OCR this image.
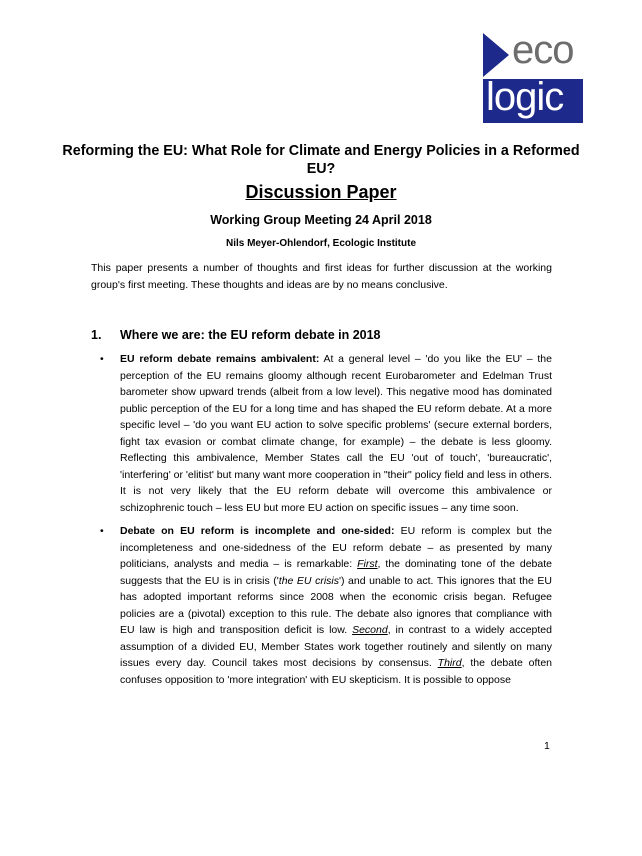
eco
logic
Reforming the EU: What Role for Climate and Energy Policies in a Reformed EU?
Discussion Paper
Working Group Meeting 24 April 2018
Nils Meyer-Ohlendorf, Ecologic Institute
This paper presents a number of thoughts and first ideas for further discussion at the working group's first meeting. These thoughts and ideas are by no means conclusive.
1. Where we are: the EU reform debate in 2018
• EU reform debate remains ambivalent: At a general level – 'do you like the EU' – the perception of the EU remains gloomy although recent Eurobarometer and Edelman Trust barometer show upward trends (albeit from a low level). This negative mood has dominated public perception of the EU for a long time and has shaped the EU reform debate. At a more specific level – 'do you want EU action to solve specific problems' (secure external borders, fight tax evasion or combat climate change, for example) – the debate is less gloomy. Reflecting this ambivalence, Member States call the EU 'out of touch', 'bureaucratic', 'interfering' or 'elitist' but many want more cooperation in "their" policy field and less in others. It is not very likely that the EU reform debate will overcome this ambivalence or schizophrenic touch – less EU but more EU action on specific issues – any time soon.
• Debate on EU reform is incomplete and one-sided: EU reform is complex but the incompleteness and one-sidedness of the EU reform debate – as presented by many politicians, analysts and media – is remarkable: First, the dominating tone of the debate suggests that the EU is in crisis ('the EU crisis') and unable to act. This ignores that the EU has adopted important reforms since 2008 when the economic crisis began. Refugee policies are a (pivotal) exception to this rule. The debate also ignores that compliance with EU law is high and transposition deficit is low. Second, in contrast to a widely accepted assumption of a divided EU, Member States work together routinely and silently on many issues every day. Council takes most decisions by consensus. Third, the debate often confuses opposition to 'more integration' with EU skepticism. It is possible to oppose
1
